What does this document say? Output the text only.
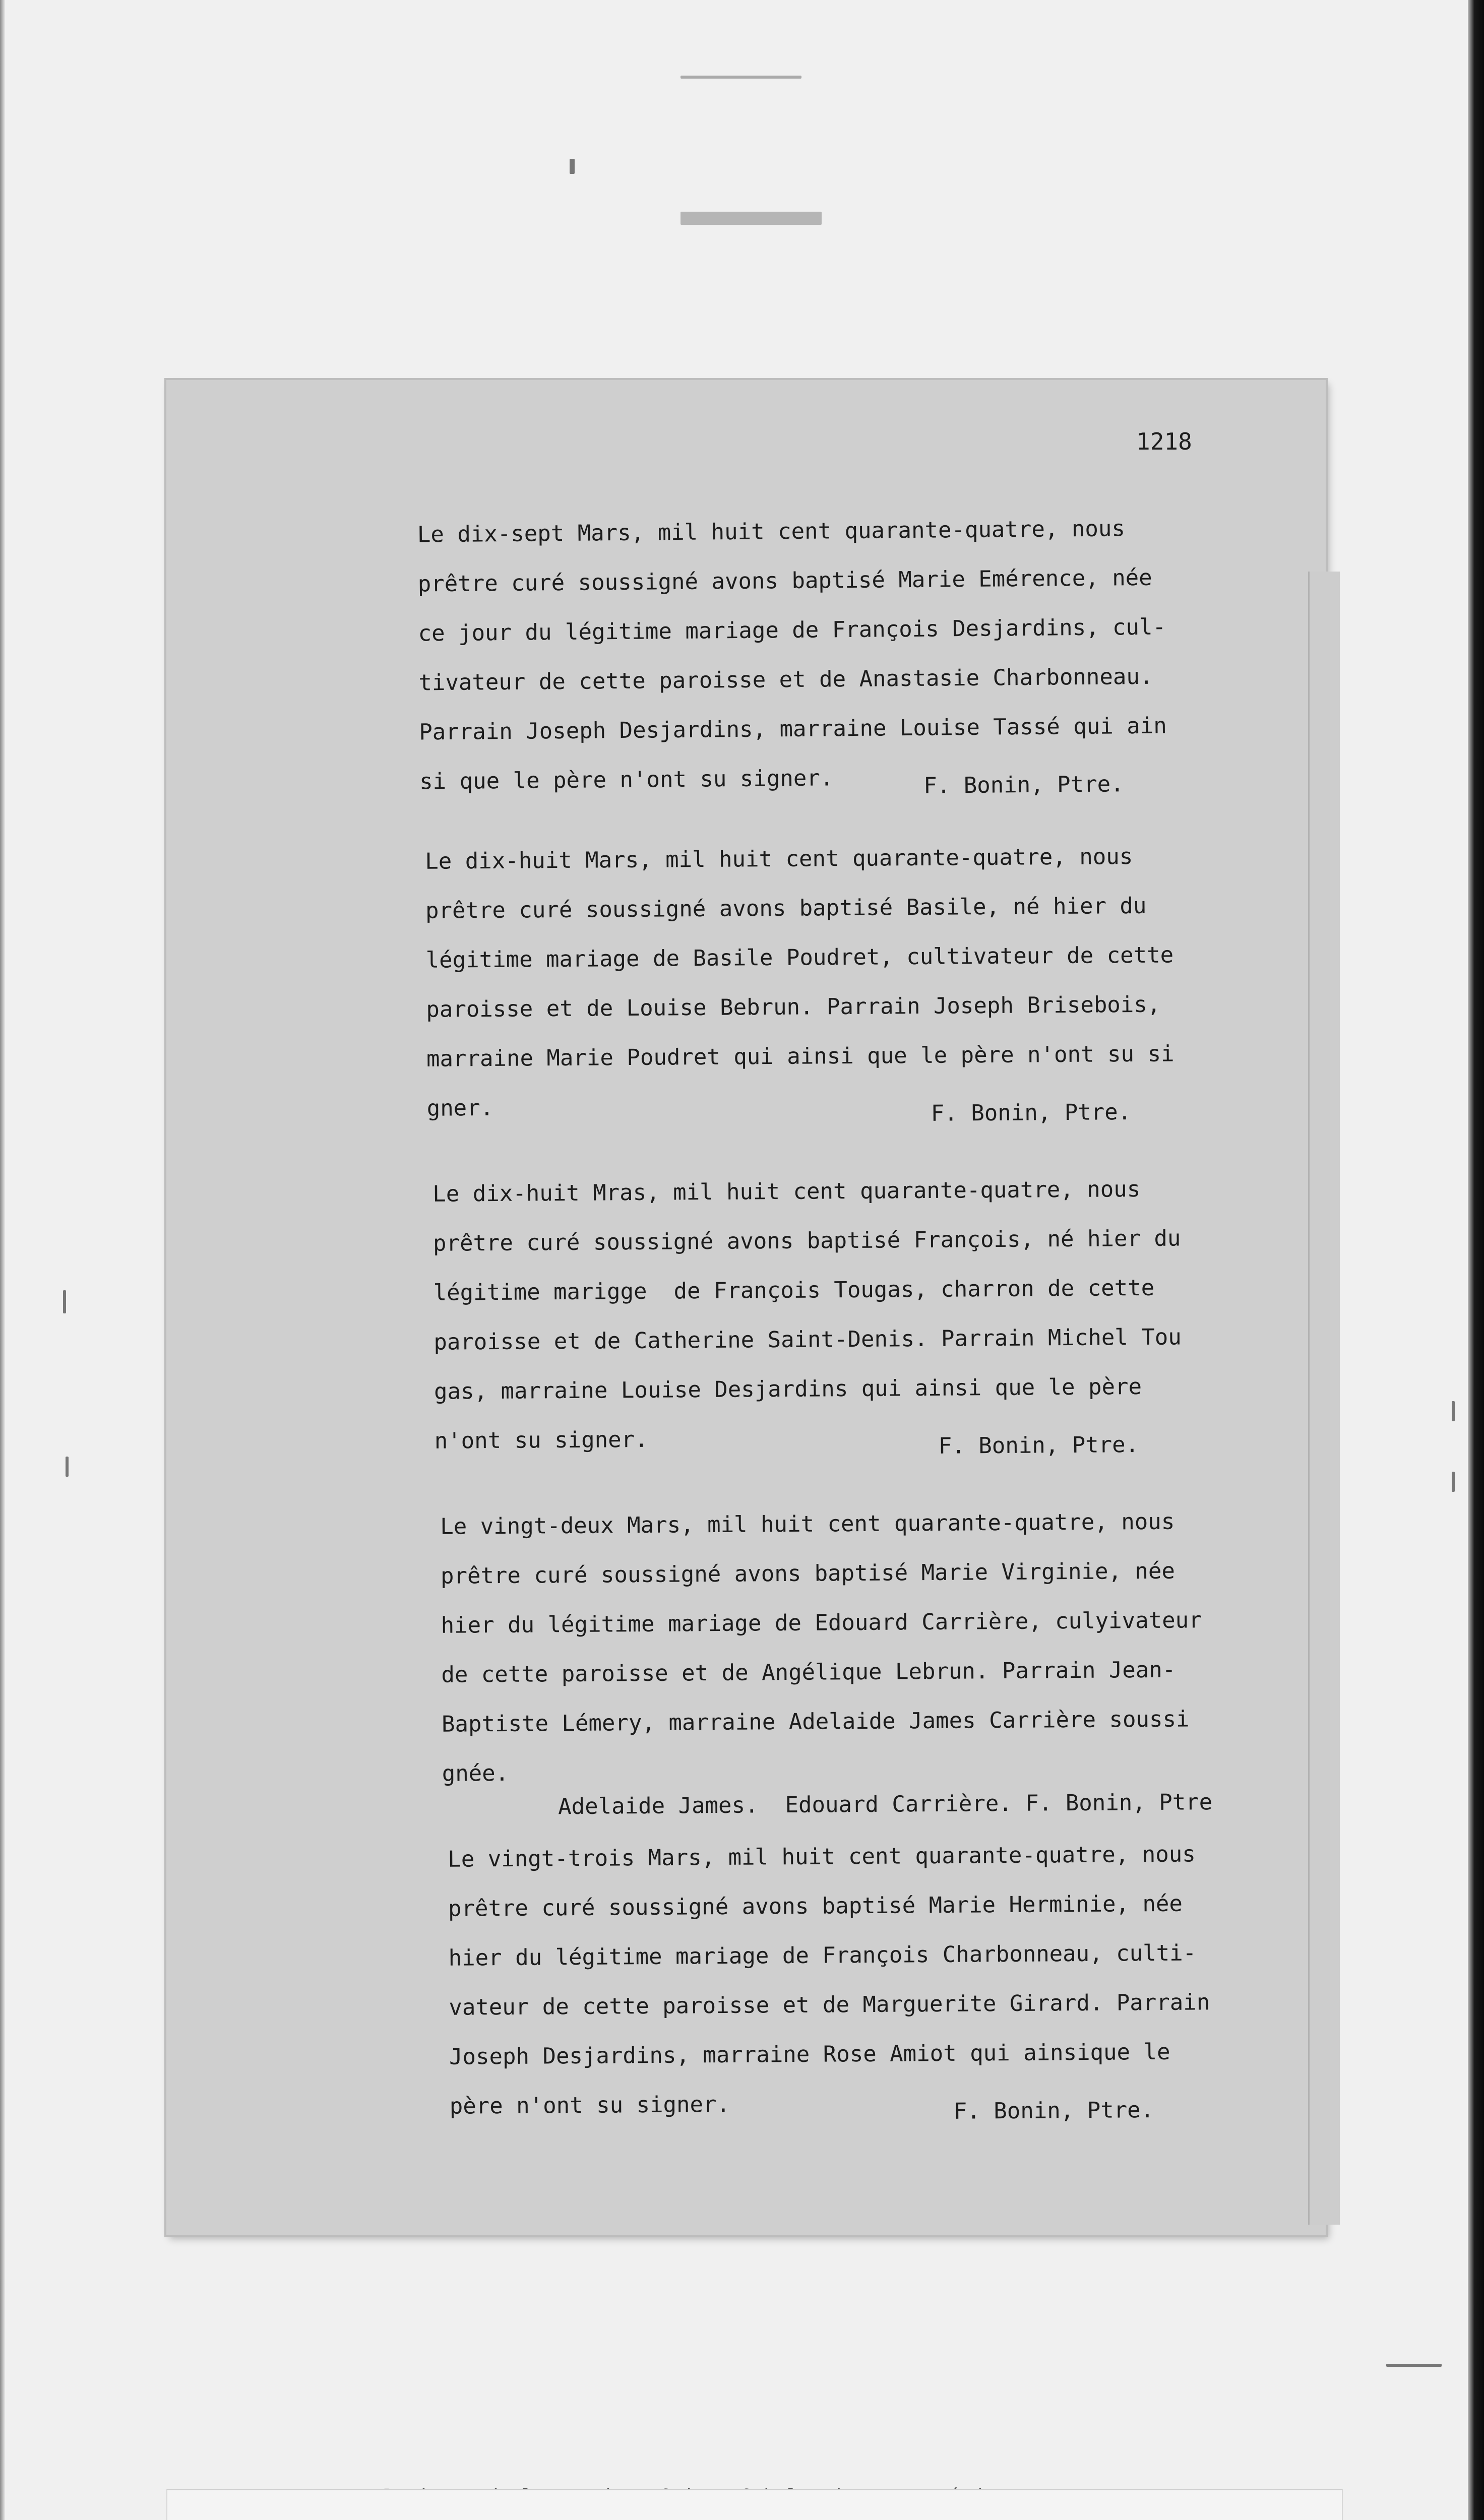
1218
Le dix-sept Mars, mil huit cent quarante-quatre, nous
prêtre curé soussigné avons baptisé Marie Emérence, née
ce jour du légitime mariage de François Desjardins, cul-
tivateur de cette paroisse et de Anastasie Charbonneau.
Parrain Joseph Desjardins, marraine Louise Tassé qui ain
si que le père n'ont su signer.	F. Bonin, Ptre.
Le dix-huit Mars, mil huit cent quarante-quatre, nous
prêtre curé soussigné avons baptisé Basile, né hier du
légitime mariage de Basile Poudret, cultivateur de cette
paroisse et de Louise Bebrun. Parrain Joseph Brisebois,
marraine Marie Poudret qui ainsi que le père n'ont su si
gner.	F. Bonin, Ptre.
Le dix-huit Mras, mil huit cent quarante-quatre, nous
prêtre curé soussigné avons baptisé François, né hier du
légitime marigge  de François Tougas, charron de cette
paroisse et de Catherine Saint-Denis. Parrain Michel Tou
gas, marraine Louise Desjardins qui ainsi que le père
n'ont su signer.	F. Bonin, Ptre.
Le vingt-deux Mars, mil huit cent quarante-quatre, nous
prêtre curé soussigné avons baptisé Marie Virginie, née
hier du légitime mariage de Edouard Carrière, culyivateur
de cette paroisse et de Angélique Lebrun. Parrain Jean-
Baptiste Lémery, marraine Adelaide James Carrière soussi
gnée.
Adelaide James.  Edouard Carrière. F. Bonin, Ptre
Le vingt-trois Mars, mil huit cent quarante-quatre, nous
prêtre curé soussigné avons baptisé Marie Herminie, née
hier du légitime mariage de François Charbonneau, culti-
vateur de cette paroisse et de Marguerite Girard. Parrain
Joseph Desjardins, marraine Rose Amiot qui ainsique le
père n'ont su signer.	F. Bonin, Ptre.
